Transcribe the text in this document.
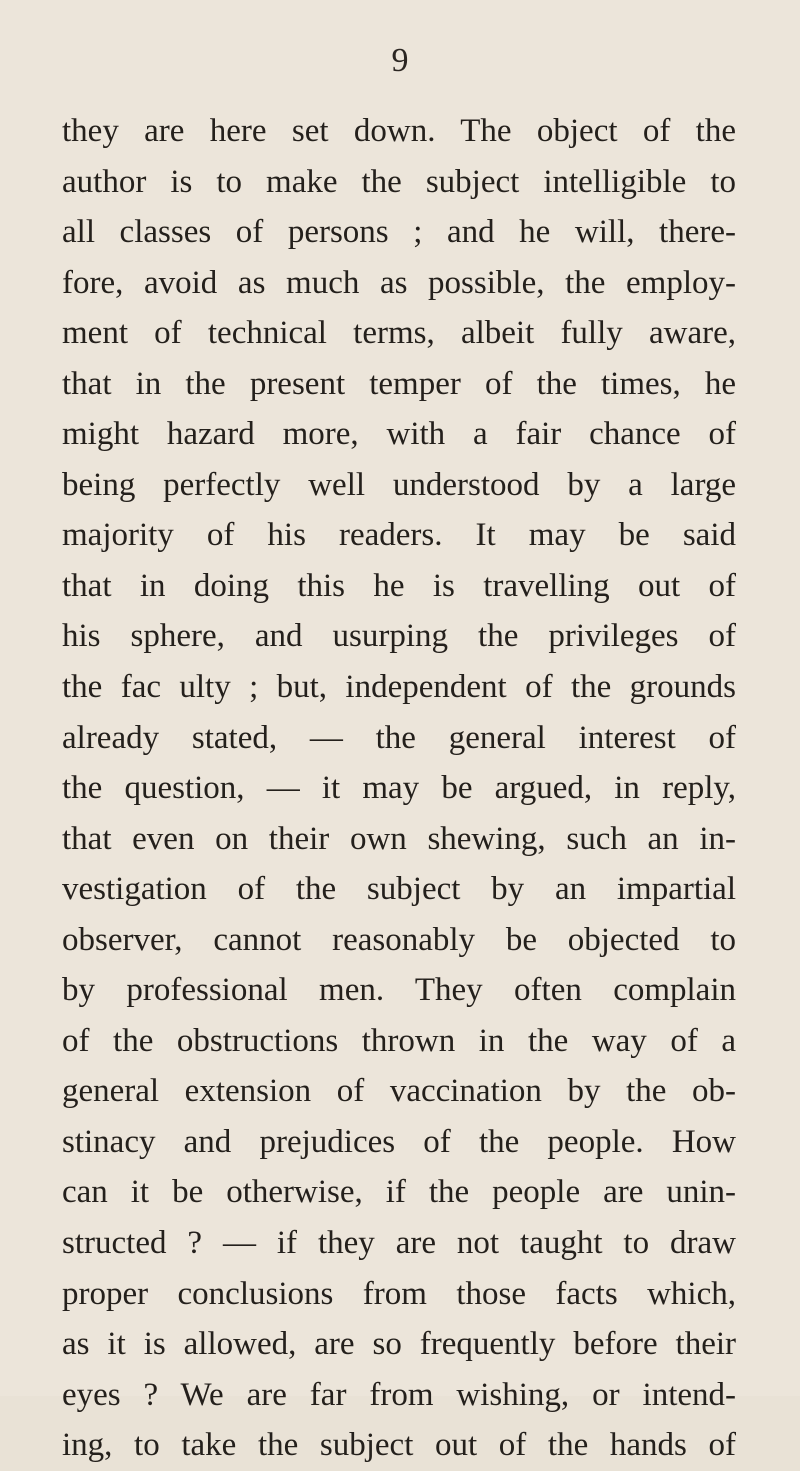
9
they are here set down. The object of the
author is to make the subject intelligible to
all classes of persons ; and he will, there-
fore, avoid as much as possible, the employ-
ment of technical terms, albeit fully aware,
that in the present temper of the times, he
might hazard more, with a fair chance of
being perfectly well understood by a large
majority of his readers. It may be said
that in doing this he is travelling out of
his sphere, and usurping the privileges of
the fac ulty ; but, independent of the grounds
already stated, — the general interest of
the question, — it may be argued, in reply,
that even on their own shewing, such an in-
vestigation of the subject by an impartial
observer, cannot reasonably be objected to
by professional men. They often complain
of the obstructions thrown in the way of a
general extension of vaccination by the ob-
stinacy and prejudices of the people. How
can it be otherwise, if the people are unin-
structed ? — if they are not taught to draw
proper conclusions from those facts which,
as it is allowed, are so frequently before their
eyes ? We are far from wishing, or intend-
ing, to take the subject out of the hands of
